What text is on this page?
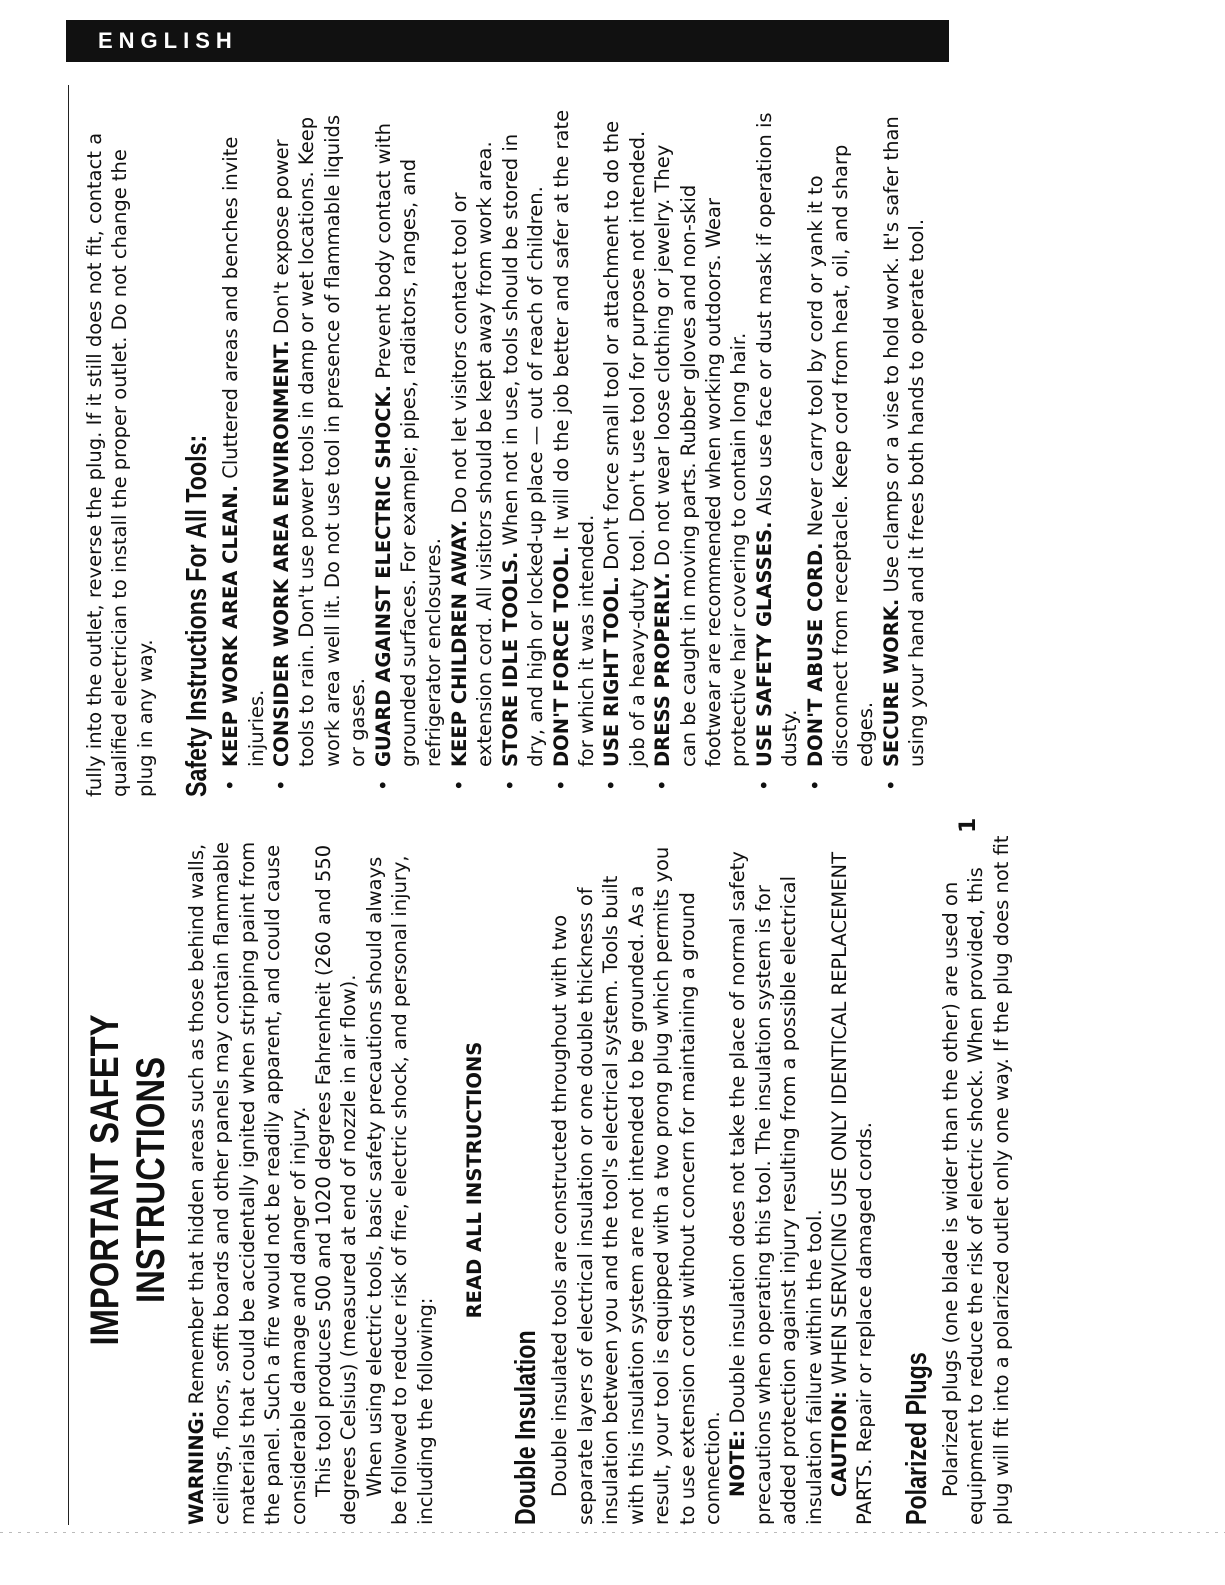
ENGLISH
IMPORTANT SAFETY INSTRUCTIONS

WARNING: Remember that hidden areas such as those behind walls, ceilings, floors, soffit boards and other panels may contain flammable materials that could be accidentally ignited when stripping paint from the panel. Such a fire would not be readily apparent, and could cause considerable damage and danger of injury. This tool produces 500 and 1020 degrees Fahrenheit (260 and 550 degrees Celsius) (measured at end of nozzle in air flow). When using electric tools, basic safety precautions should always be followed to reduce risk of fire, electric shock, and personal injury, including the following:

READ ALL INSTRUCTIONS

Double Insulation Double insulated tools are constructed throughout with two separate layers of electrical insulation or one double thickness of insulation between you and the tool's electrical system. Tools built with this insulation system are not intended to be grounded. As a result, your tool is equipped with a two prong plug which permits you to use extension cords without concern for maintaining a ground connection. NOTE: Double insulation does not take the place of normal safety precautions when operating this tool. The insulation system is for added protection against injury resulting from a possible electrical insulation failure within the tool. CAUTION: WHEN SERVICING USE ONLY IDENTICAL REPLACEMENT PARTS. Repair or replace damaged cords. Polarized Plugs Polarized plugs (one blade is wider than the other) are used on equipment to reduce the risk of electric shock. When provided, this plug will fit into a polarized outlet only one way. If the plug does not fit

fully into the outlet, reverse the plug. If it still does not fit, contact a qualified electrician to install the proper outlet. Do not change the plug in any way. Safety Instructions For All Tools: •
KEEP WORK AREA CLEAN. Cluttered areas and benches invite injuries.
•
CONSIDER WORK AREA ENVIRONMENT. Don't expose power tools to rain. Don't use power tools in damp or wet locations. Keep work area well lit. Do not use tool in presence of flammable liquids or gases.
•
GUARD AGAINST ELECTRIC SHOCK. Prevent body contact with grounded surfaces. For example; pipes, radiators, ranges, and refrigerator enclosures.
•
KEEP CHILDREN AWAY. Do not let visitors contact tool or extension cord. All visitors should be kept away from work area.
•
STORE IDLE TOOLS. When not in use, tools should be stored in dry, and high or locked-up place — out of reach of children.
•
DON'T FORCE TOOL. It will do the job better and safer at the rate for which it was intended.
•
USE RIGHT TOOL. Don't force small tool or attachment to do the job of a heavy-duty tool. Don't use tool for purpose not intended.
•
DRESS PROPERLY. Do not wear loose clothing or jewelry. They can be caught in moving parts. Rubber gloves and non-skid footwear are recommended when working outdoors. Wear protective hair covering to contain long hair.
•
USE SAFETY GLASSES. Also use face or dust mask if operation is dusty.
•
DON'T ABUSE CORD. Never carry tool by cord or yank it to disconnect from receptacle. Keep cord from heat, oil, and sharp edges.
•
SECURE WORK. Use clamps or a vise to hold work. It's safer than using your hand and it frees both hands to operate tool.
1
